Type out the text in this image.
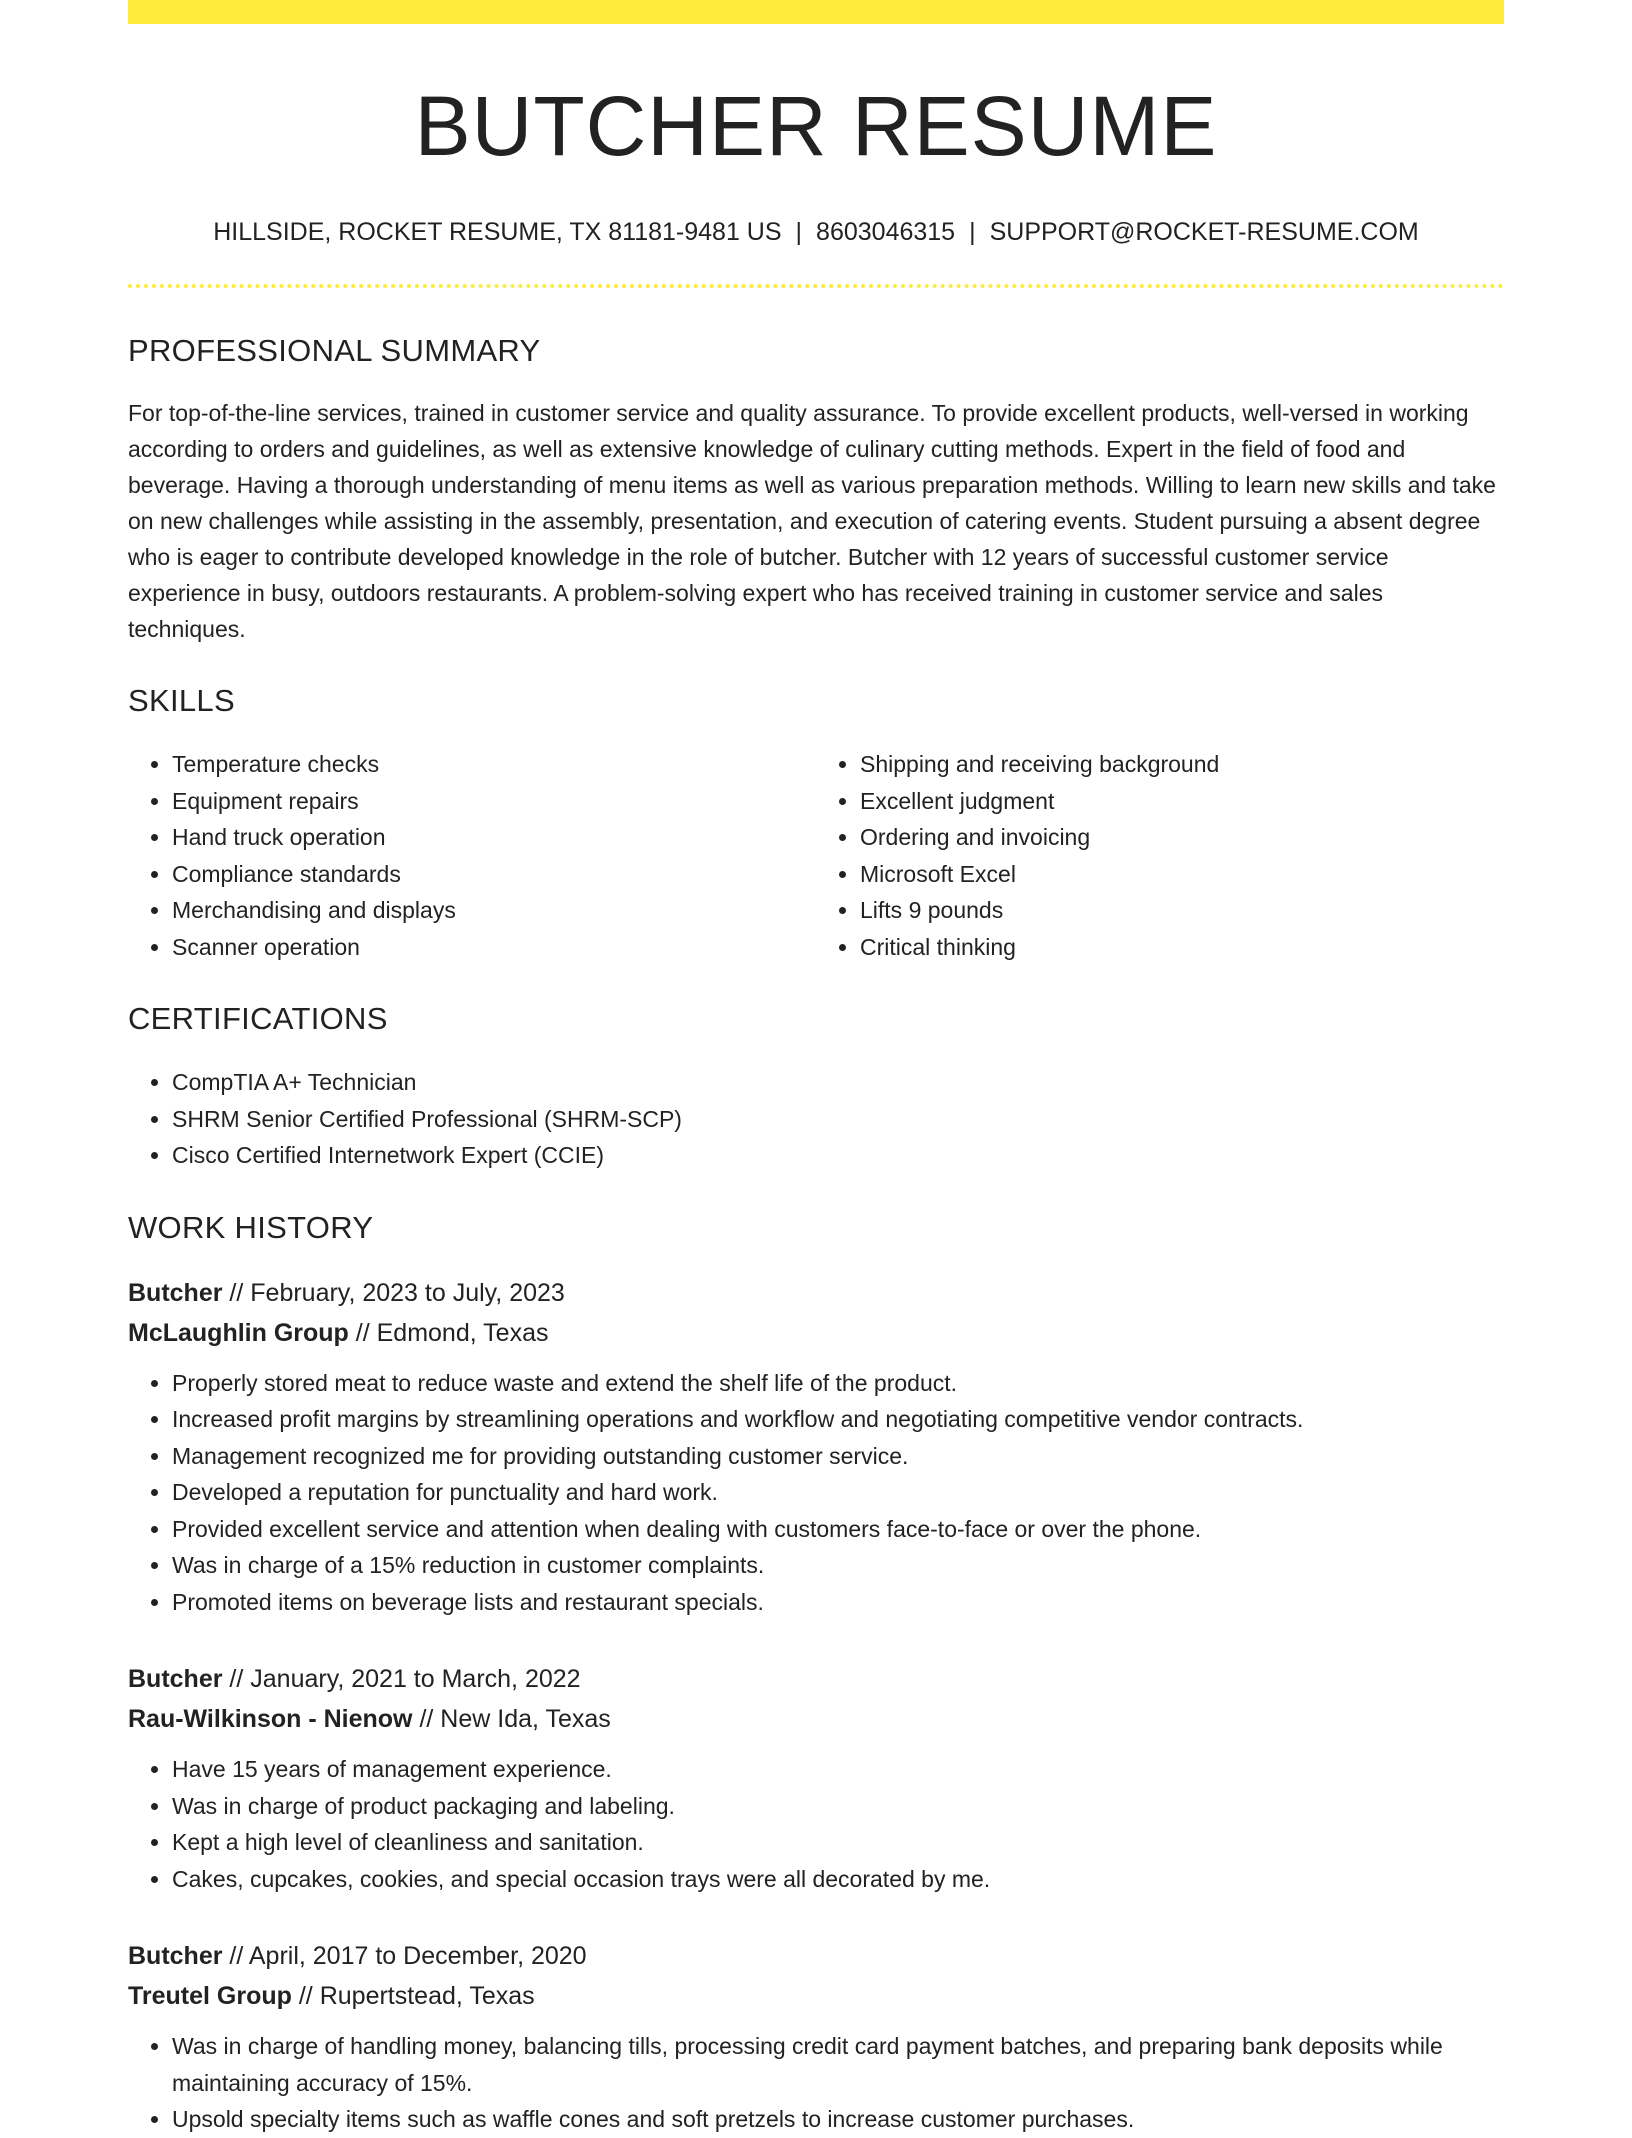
BUTCHER RESUME
HILLSIDE, ROCKET RESUME, TX 81181-9481 US | 8603046315 | SUPPORT@ROCKET-RESUME.COM
PROFESSIONAL SUMMARY

For top-of-the-line services, trained in customer service and quality assurance. To provide excellent products, well-versed in working according to orders and guidelines, as well as extensive knowledge of culinary cutting methods. Expert in the field of food and beverage. Having a thorough understanding of menu items as well as various preparation methods. Willing to learn new skills and take on new challenges while assisting in the assembly, presentation, and execution of catering events. Student pursuing a absent degree who is eager to contribute developed knowledge in the role of butcher. Butcher with 12 years of successful customer service experience in busy, outdoors restaurants. A problem-solving expert who has received training in customer service and sales techniques.

SKILLS
• Temperature checks
• Equipment repairs
• Hand truck operation
• Compliance standards
• Merchandising and displays
• Scanner operation
• Shipping and receiving background
• Excellent judgment
• Ordering and invoicing
• Microsoft Excel
• Lifts 9 pounds
• Critical thinking
CERTIFICATIONS
• CompTIA A+ Technician
• SHRM Senior Certified Professional (SHRM-SCP)
• Cisco Certified Internetwork Expert (CCIE)
WORK HISTORY
Butcher // February, 2023 to July, 2023
McLaughlin Group // Edmond, Texas
• Properly stored meat to reduce waste and extend the shelf life of the product.
• Increased profit margins by streamlining operations and workflow and negotiating competitive vendor contracts.
• Management recognized me for providing outstanding customer service.
• Developed a reputation for punctuality and hard work.
• Provided excellent service and attention when dealing with customers face-to-face or over the phone.
• Was in charge of a 15% reduction in customer complaints.
• Promoted items on beverage lists and restaurant specials.
Butcher // January, 2021 to March, 2022
Rau-Wilkinson - Nienow // New Ida, Texas
• Have 15 years of management experience.
• Was in charge of product packaging and labeling.
• Kept a high level of cleanliness and sanitation.
• Cakes, cupcakes, cookies, and special occasion trays were all decorated by me.
Butcher // April, 2017 to December, 2020
Treutel Group // Rupertstead, Texas
• Was in charge of handling money, balancing tills, processing credit card payment batches, and preparing bank deposits while maintaining accuracy of 15%.
• Upsold specialty items such as waffle cones and soft pretzels to increase customer purchases.
